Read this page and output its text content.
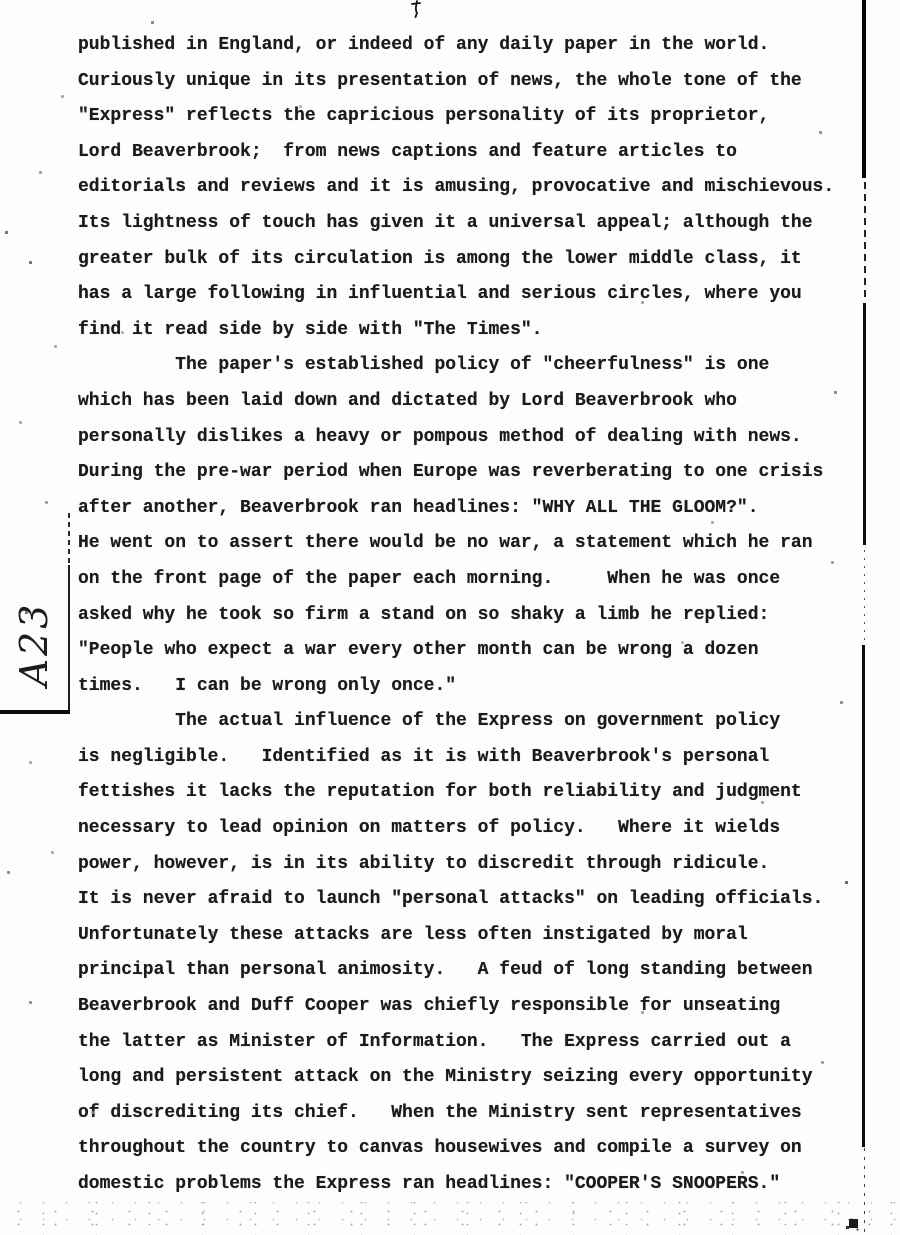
published in England, or indeed of any daily paper in the world.
Curiously unique in its presentation of news, the whole tone of the
"Express" reflects the capricious personality of its proprietor,
Lord Beaverbrook;  from news captions and feature articles to
editorials and reviews and it is amusing, provocative and mischievous.
Its lightness of touch has given it a universal appeal; although the
greater bulk of its circulation is among the lower middle class, it
has a large following in influential and serious circles, where you
find it read side by side with "The Times".
The paper's established policy of "cheerfulness" is one
which has been laid down and dictated by Lord Beaverbrook who
personally dislikes a heavy or pompous method of dealing with news.
During the pre-war period when Europe was reverberating to one crisis
after another, Beaverbrook ran headlines: "WHY ALL THE GLOOM?".
He went on to assert there would be no war, a statement which he ran
on the front page of the paper each morning.     When he was once
asked why he took so firm a stand on so shaky a limb he replied:
"People who expect a war every other month can be wrong a dozen
times.   I can be wrong only once."
The actual influence of the Express on government policy
is negligible.   Identified as it is with Beaverbrook's personal
fettishes it lacks the reputation for both reliability and judgment
necessary to lead opinion on matters of policy.   Where it wields
power, however, is in its ability to discredit through ridicule.
It is never afraid to launch "personal attacks" on leading officials.
Unfortunately these attacks are less often instigated by moral
principal than personal animosity.   A feud of long standing between
Beaverbrook and Duff Cooper was chiefly responsible for unseating
the latter as Minister of Information.   The Express carried out a
long and persistent attack on the Ministry seizing every opportunity
of discrediting its chief.   When the Ministry sent representatives
throughout the country to canvas housewives and compile a survey on
domestic problems the Express ran headlines: "COOPER'S SNOOPERS."
A23
